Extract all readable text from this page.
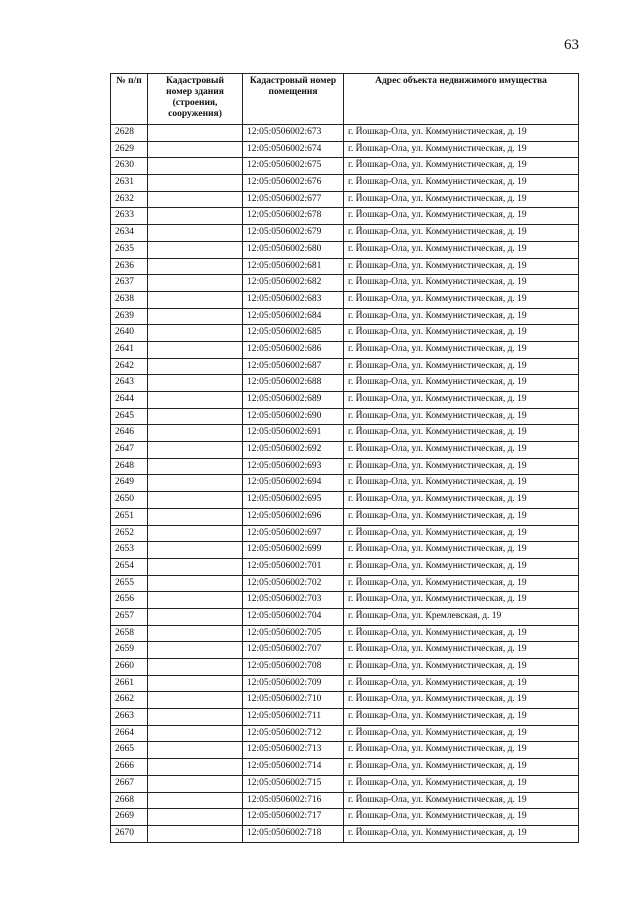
63
№ п/п	Кадастровый номер здания (строения, сооружения)	Кадастровый номер помещения	Адрес объекта недвижимого имущества
2628		12:05:0506002:673	г. Йошкар-Ола, ул. Коммунистическая, д. 19
2629		12:05:0506002:674	г. Йошкар-Ола, ул. Коммунистическая, д. 19
2630		12:05:0506002:675	г. Йошкар-Ола, ул. Коммунистическая, д. 19
2631		12:05:0506002:676	г. Йошкар-Ола, ул. Коммунистическая, д. 19
2632		12:05:0506002:677	г. Йошкар-Ола, ул. Коммунистическая, д. 19
2633		12:05:0506002:678	г. Йошкар-Ола, ул. Коммунистическая, д. 19
2634		12:05:0506002:679	г. Йошкар-Ола, ул. Коммунистическая, д. 19
2635		12:05:0506002:680	г. Йошкар-Ола, ул. Коммунистическая, д. 19
2636		12:05:0506002:681	г. Йошкар-Ола, ул. Коммунистическая, д. 19
2637		12:05:0506002:682	г. Йошкар-Ола, ул. Коммунистическая, д. 19
2638		12:05:0506002:683	г. Йошкар-Ола, ул. Коммунистическая, д. 19
2639		12:05:0506002:684	г. Йошкар-Ола, ул. Коммунистическая, д. 19
2640		12:05:0506002:685	г. Йошкар-Ола, ул. Коммунистическая, д. 19
2641		12:05:0506002:686	г. Йошкар-Ола, ул. Коммунистическая, д. 19
2642		12:05:0506002:687	г. Йошкар-Ола, ул. Коммунистическая, д. 19
2643		12:05:0506002:688	г. Йошкар-Ола, ул. Коммунистическая, д. 19
2644		12:05:0506002:689	г. Йошкар-Ола, ул. Коммунистическая, д. 19
2645		12:05:0506002:690	г. Йошкар-Ола, ул. Коммунистическая, д. 19
2646		12:05:0506002:691	г. Йошкар-Ола, ул. Коммунистическая, д. 19
2647		12:05:0506002:692	г. Йошкар-Ола, ул. Коммунистическая, д. 19
2648		12:05:0506002:693	г. Йошкар-Ола, ул. Коммунистическая, д. 19
2649		12:05:0506002:694	г. Йошкар-Ола, ул. Коммунистическая, д. 19
2650		12:05:0506002:695	г. Йошкар-Ола, ул. Коммунистическая, д. 19
2651		12:05:0506002:696	г. Йошкар-Ола, ул. Коммунистическая, д. 19
2652		12:05:0506002:697	г. Йошкар-Ола, ул. Коммунистическая, д. 19
2653		12:05:0506002:699	г. Йошкар-Ола, ул. Коммунистическая, д. 19
2654		12:05:0506002:701	г. Йошкар-Ола, ул. Коммунистическая, д. 19
2655		12:05:0506002:702	г. Йошкар-Ола, ул. Коммунистическая, д. 19
2656		12:05:0506002:703	г. Йошкар-Ола, ул. Коммунистическая, д. 19
2657		12:05:0506002:704	г. Йошкар-Ола, ул. Кремлевская, д. 19
2658		12:05:0506002:705	г. Йошкар-Ола, ул. Коммунистическая, д. 19
2659		12:05:0506002:707	г. Йошкар-Ола, ул. Коммунистическая, д. 19
2660		12:05:0506002:708	г. Йошкар-Ола, ул. Коммунистическая, д. 19
2661		12:05:0506002:709	г. Йошкар-Ола, ул. Коммунистическая, д. 19
2662		12:05:0506002:710	г. Йошкар-Ола, ул. Коммунистическая, д. 19
2663		12:05:0506002:711	г. Йошкар-Ола, ул. Коммунистическая, д. 19
2664		12:05:0506002:712	г. Йошкар-Ола, ул. Коммунистическая, д. 19
2665		12:05:0506002:713	г. Йошкар-Ола, ул. Коммунистическая, д. 19
2666		12:05:0506002:714	г. Йошкар-Ола, ул. Коммунистическая, д. 19
2667		12:05:0506002:715	г. Йошкар-Ола, ул. Коммунистическая, д. 19
2668		12:05:0506002:716	г. Йошкар-Ола, ул. Коммунистическая, д. 19
2669		12:05:0506002:717	г. Йошкар-Ола, ул. Коммунистическая, д. 19
2670		12:05:0506002:718	г. Йошкар-Ола, ул. Коммунистическая, д. 19
